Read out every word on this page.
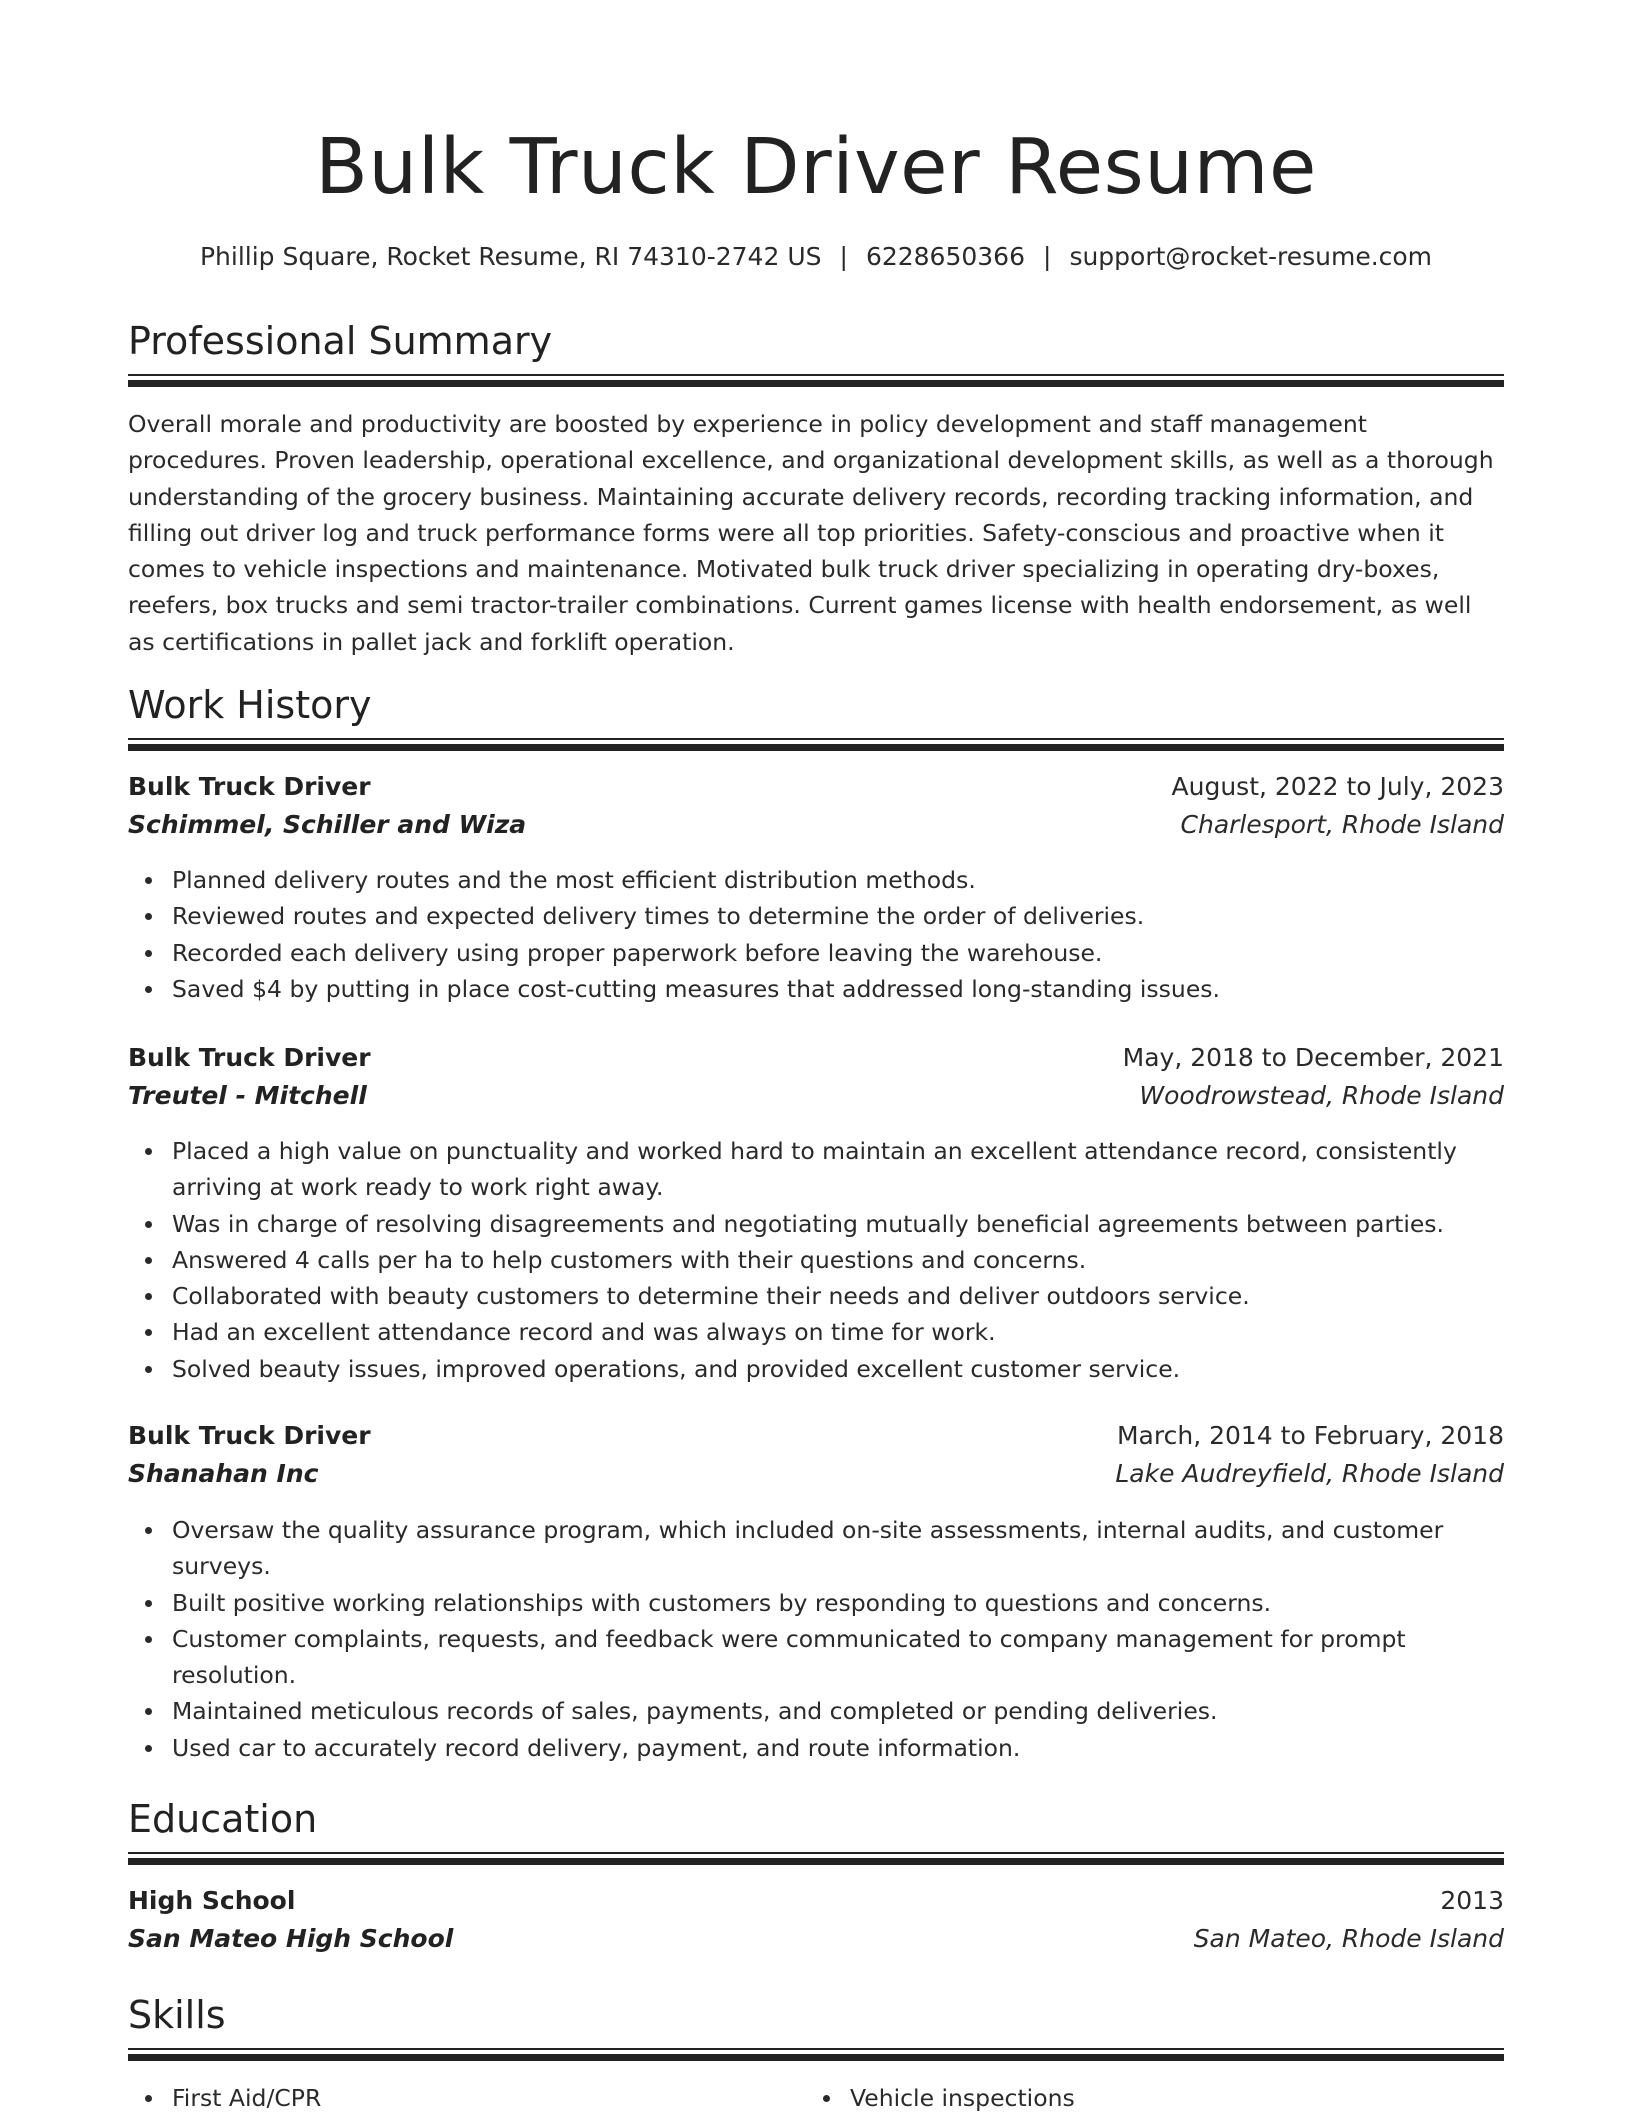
Bulk Truck Driver Resume
Phillip Square, Rocket Resume, RI 74310-2742 US | 6228650366 | support@rocket-resume.com
Professional Summary

Overall morale and productivity are boosted by experience in policy development and staff management procedures. Proven leadership, operational excellence, and organizational development skills, as well as a thorough understanding of the grocery business. Maintaining accurate delivery records, recording tracking information, and filling out driver log and truck performance forms were all top priorities. Safety-conscious and proactive when it comes to vehicle inspections and maintenance. Motivated bulk truck driver specializing in operating dry-boxes, reefers, box trucks and semi tractor-trailer combinations. Current games license with health endorsement, as well as certifications in pallet jack and forklift operation.

Work History
Bulk Truck Driver	August, 2022 to July, 2023
Schimmel, Schiller and Wiza	Charlesport, Rhode Island
Planned delivery routes and the most efficient distribution methods.
Reviewed routes and expected delivery times to determine the order of deliveries.
Recorded each delivery using proper paperwork before leaving the warehouse.
Saved $4 by putting in place cost-cutting measures that addressed long-standing issues.
Bulk Truck Driver	May, 2018 to December, 2021
Treutel - Mitchell	Woodrowstead, Rhode Island
Placed a high value on punctuality and worked hard to maintain an excellent attendance record, consistently arriving at work ready to work right away.
Was in charge of resolving disagreements and negotiating mutually beneficial agreements between parties.
Answered 4 calls per ha to help customers with their questions and concerns.
Collaborated with beauty customers to determine their needs and deliver outdoors service.
Had an excellent attendance record and was always on time for work.
Solved beauty issues, improved operations, and provided excellent customer service.
Bulk Truck Driver	March, 2014 to February, 2018
Shanahan Inc	Lake Audreyfield, Rhode Island
Oversaw the quality assurance program, which included on-site assessments, internal audits, and customer surveys.
Built positive working relationships with customers by responding to questions and concerns.
Customer complaints, requests, and feedback were communicated to company management for prompt resolution.
Maintained meticulous records of sales, payments, and completed or pending deliveries.
Used car to accurately record delivery, payment, and route information.
Education
High School	2013
San Mateo High School	San Mateo, Rhode Island
Skills
First Aid/CPR	Vehicle inspections
